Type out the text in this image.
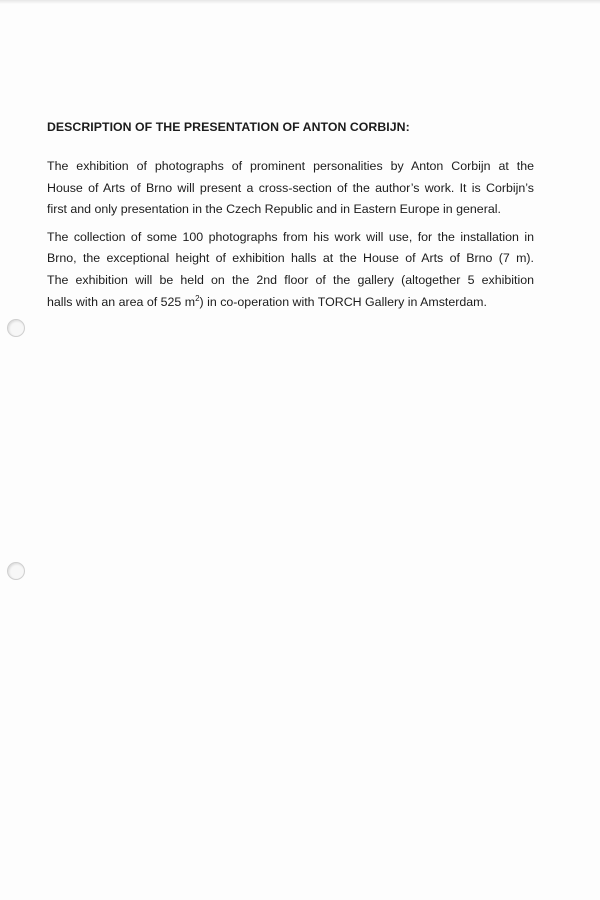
DESCRIPTION OF THE PRESENTATION OF ANTON CORBIJN:

The exhibition of photographs of prominent personalities by Anton Corbijn at the
House of Arts of Brno will present a cross-section of the author’s work. It is Corbijn’s
first and only presentation in the Czech Republic and in Eastern Europe in general.

The collection of some 100 photographs from his work will use, for the installation in
Brno, the exceptional height of exhibition halls at the House of Arts of Brno (7 m).
The exhibition will be held on the 2nd floor of the gallery (altogether 5 exhibition
halls with an area of 525 $m^2$) in co-operation with TORCH Gallery in Amsterdam.
